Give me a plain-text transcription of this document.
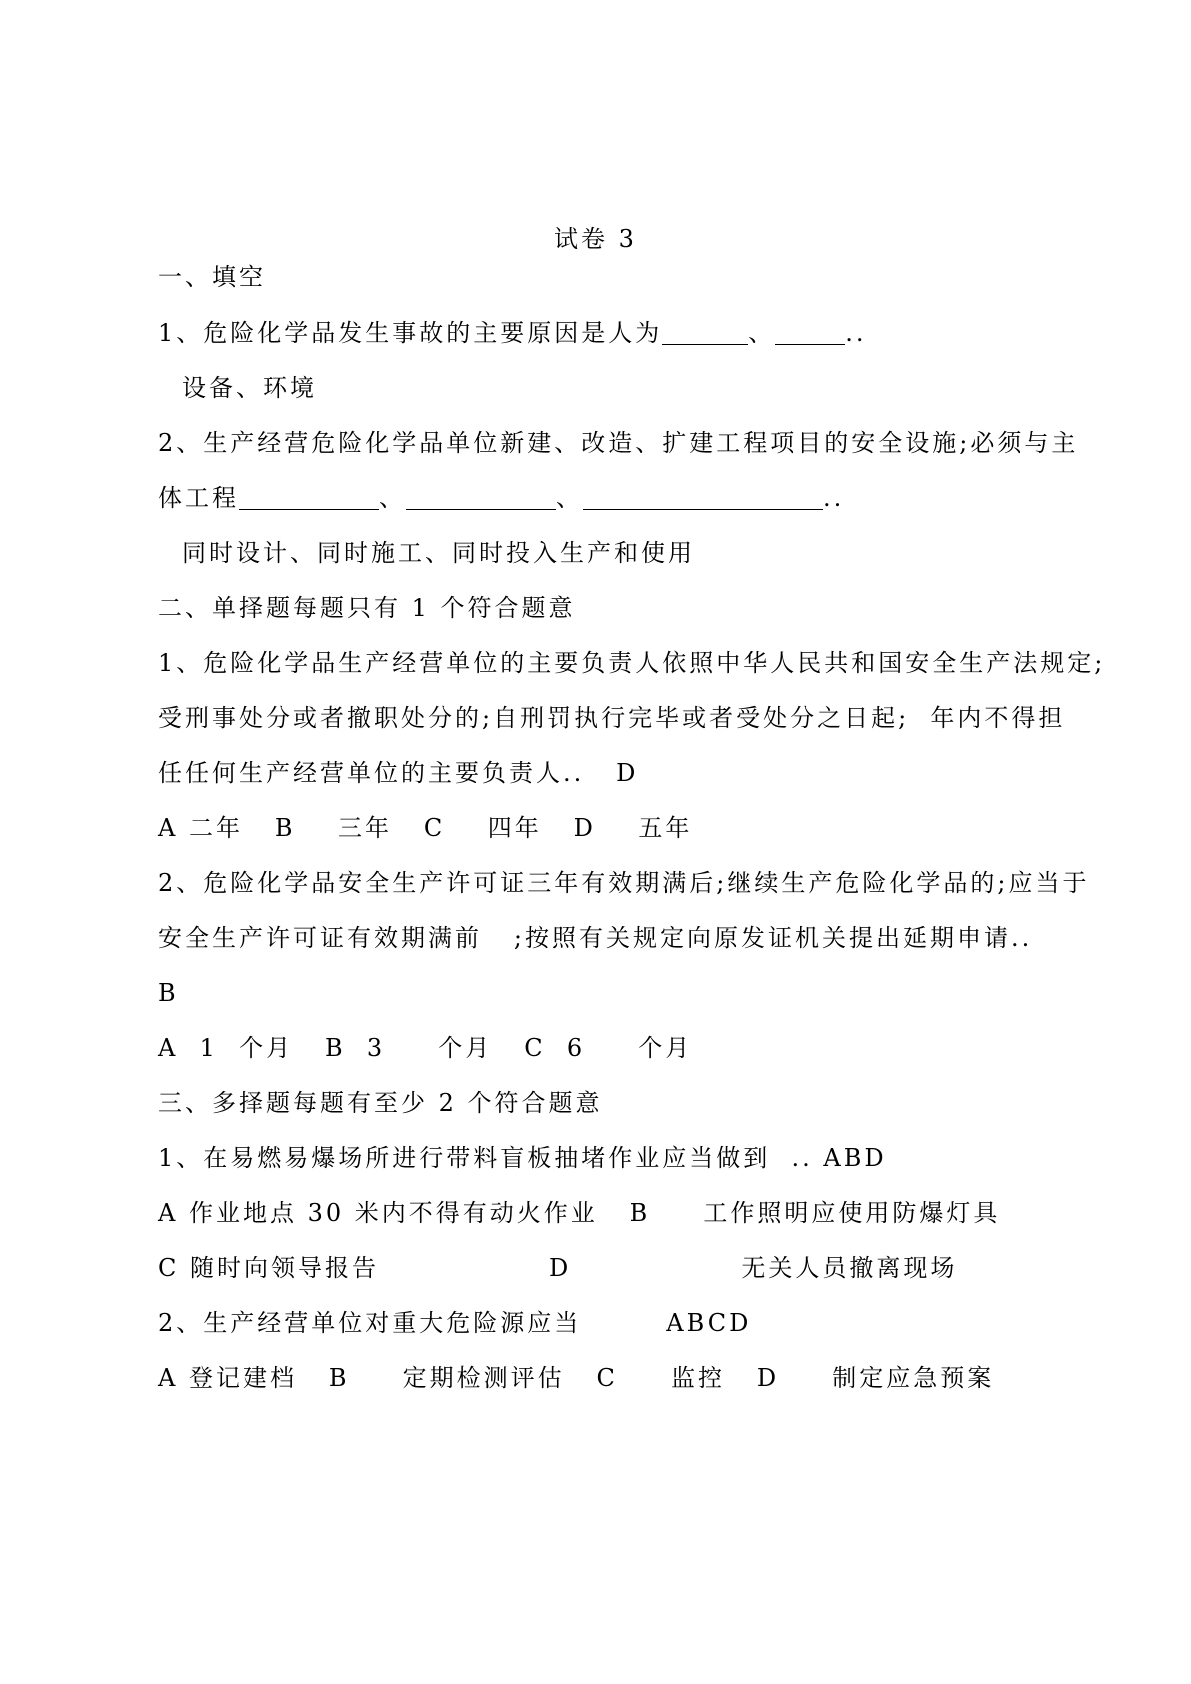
试卷 3
一、填空
1、危险化学品发生事故的主要原因是人为	、	..
设备、环境
2、生产经营危险化学品单位新建、改造、扩建工程项目的安全设施;必须与主
体工程	、	、	..
同时设计、同时施工、同时投入生产和使用
二、单择题每题只有 1 个符合题意
1、危险化学品生产经营单位的主要负责人依照中华人民共和国安全生产法规定;
受刑事处分或者撤职处分的;自刑罚执行完毕或者受处分之日起;  年内不得担
任任何生产经营单位的主要负责人..   D
A 二年   B    三年   C    四年   D    五年
2、危险化学品安全生产许可证三年有效期满后;继续生产危险化学品的;应当于
安全生产许可证有效期满前   ;按照有关规定向原发证机关提出延期申请..
B
A  1  个月   B  3     个月   C  6     个月
三、多择题每题有至少 2 个符合题意
1、在易燃易爆场所进行带料盲板抽堵作业应当做到  .. ABD
A 作业地点 30 米内不得有动火作业   B     工作照明应使用防爆灯具
C 随时向领导报告                D                无关人员撤离现场
2、生产经营单位对重大危险源应当        ABCD
A 登记建档   B     定期检测评估   C     监控   D     制定应急预案
